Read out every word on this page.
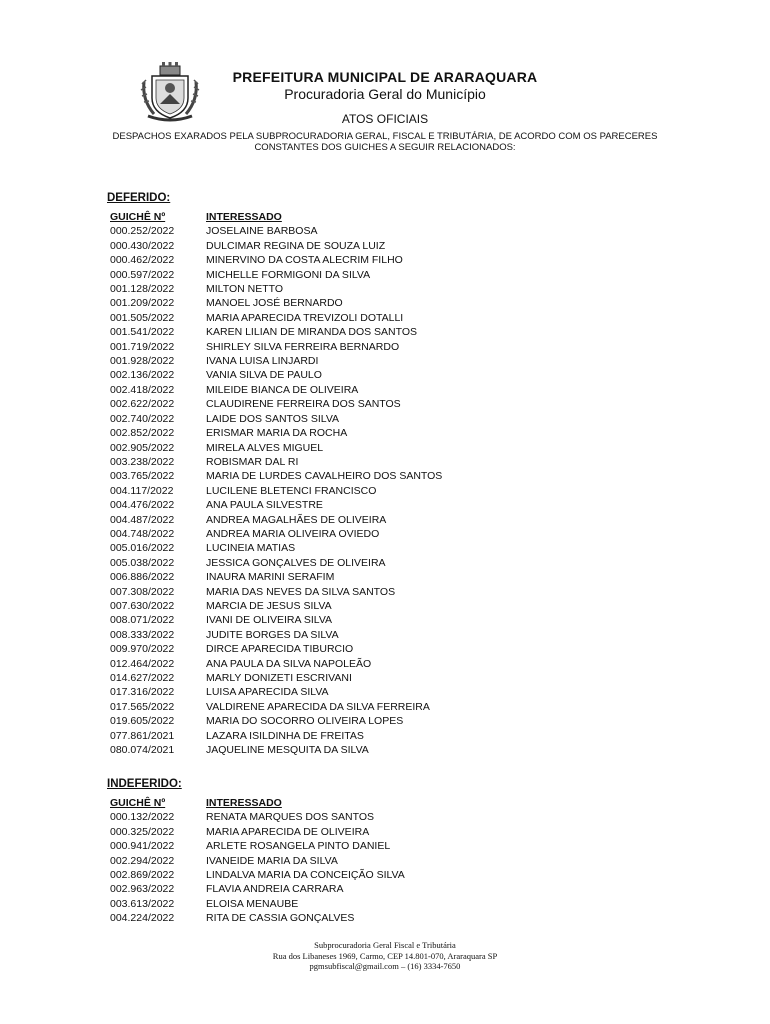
PREFEITURA MUNICIPAL DE ARARAQUARA
Procuradoria Geral do Município
ATOS OFICIAIS
DESPACHOS EXARADOS PELA SUBPROCURADORIA GERAL, FISCAL E TRIBUTÁRIA, DE ACORDO COM OS PARECERES CONSTANTES DOS GUICHES A SEGUIR RELACIONADOS:
DEFERIDO:
GUICHÊ Nº	INTERESSADO
000.252/2022	JOSELAINE BARBOSA
000.430/2022	DULCIMAR REGINA DE SOUZA LUIZ
000.462/2022	MINERVINO DA COSTA ALECRIM FILHO
000.597/2022	MICHELLE FORMIGONI DA SILVA
001.128/2022	MILTON NETTO
001.209/2022	MANOEL JOSÉ BERNARDO
001.505/2022	MARIA APARECIDA TREVIZOLI DOTALLI
001.541/2022	KAREN LILIAN DE MIRANDA DOS SANTOS
001.719/2022	SHIRLEY SILVA FERREIRA BERNARDO
001.928/2022	IVANA LUISA LINJARDI
002.136/2022	VANIA SILVA DE PAULO
002.418/2022	MILEIDE BIANCA DE OLIVEIRA
002.622/2022	CLAUDIRENE FERREIRA DOS SANTOS
002.740/2022	LAIDE DOS SANTOS SILVA
002.852/2022	ERISMAR MARIA DA ROCHA
002.905/2022	MIRELA ALVES MIGUEL
003.238/2022	ROBISMAR DAL RI
003.765/2022	MARIA DE LURDES CAVALHEIRO DOS SANTOS
004.117/2022	LUCILENE BLETENCI FRANCISCO
004.476/2022	ANA PAULA SILVESTRE
004.487/2022	ANDREA MAGALHÃES DE OLIVEIRA
004.748/2022	ANDREA MARIA OLIVEIRA OVIEDO
005.016/2022	LUCINEIA MATIAS
005.038/2022	JESSICA GONÇALVES DE OLIVEIRA
006.886/2022	INAURA MARINI SERAFIM
007.308/2022	MARIA DAS NEVES DA SILVA SANTOS
007.630/2022	MARCIA DE JESUS SILVA
008.071/2022	IVANI DE OLIVEIRA SILVA
008.333/2022	JUDITE BORGES DA SILVA
009.970/2022	DIRCE APARECIDA TIBURCIO
012.464/2022	ANA PAULA DA SILVA NAPOLEÃO
014.627/2022	MARLY DONIZETI ESCRIVANI
017.316/2022	LUISA APARECIDA SILVA
017.565/2022	VALDIRENE APARECIDA DA SILVA FERREIRA
019.605/2022	MARIA DO SOCORRO OLIVEIRA LOPES
077.861/2021	LAZARA ISILDINHA DE FREITAS
080.074/2021	JAQUELINE MESQUITA DA SILVA
INDEFERIDO:
GUICHÊ Nº	INTERESSADO
000.132/2022	RENATA MARQUES DOS SANTOS
000.325/2022	MARIA APARECIDA DE OLIVEIRA
000.941/2022	ARLETE ROSANGELA PINTO DANIEL
002.294/2022	IVANEIDE MARIA DA SILVA
002.869/2022	LINDALVA MARIA DA CONCEIÇÃO SILVA
002.963/2022	FLAVIA ANDREIA CARRARA
003.613/2022	ELOISA MENAUBE
004.224/2022	RITA DE CASSIA GONÇALVES
Subprocuradoria Geral Fiscal e Tributária
Rua dos Libaneses 1969, Carmo, CEP 14.801-070, Araraquara SP
pgmsubfiscal@gmail.com – (16) 3334-7650
